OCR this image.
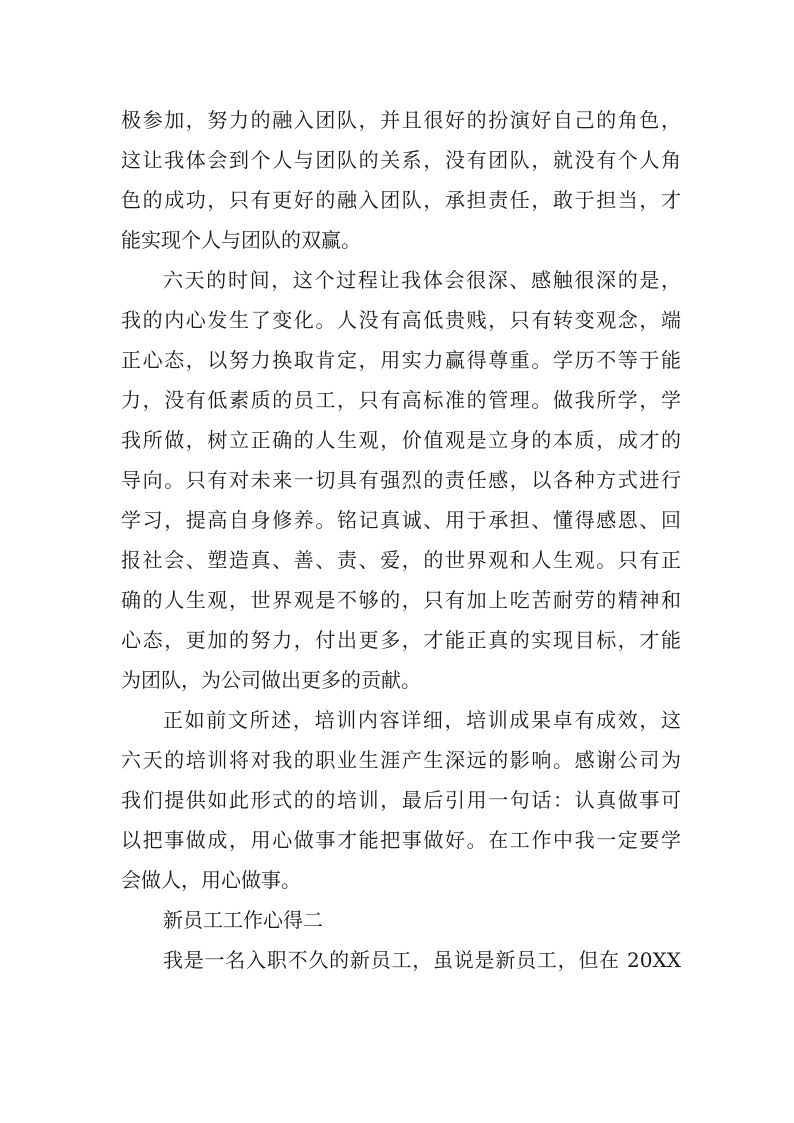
极参加，努力的融入团队，并且很好的扮演好自己的角色，
这让我体会到个人与团队的关系，没有团队，就没有个人角
色的成功，只有更好的融入团队，承担责任，敢于担当，才
能实现个人与团队的双赢。
六天的时间，这个过程让我体会很深、感触很深的是，
我的内心发生了变化。人没有高低贵贱，只有转变观念，端
正心态，以努力换取肯定，用实力赢得尊重。学历不等于能
力，没有低素质的员工，只有高标准的管理。做我所学，学
我所做，树立正确的人生观，价值观是立身的本质，成才的
导向。只有对未来一切具有强烈的责任感，以各种方式进行
学习，提高自身修养。铭记真诚、用于承担、懂得感恩、回
报社会、塑造真、善、责、爱，的世界观和人生观。只有正
确的人生观，世界观是不够的，只有加上吃苦耐劳的精神和
心态，更加的努力，付出更多，才能正真的实现目标，才能
为团队，为公司做出更多的贡献。
正如前文所述，培训内容详细，培训成果卓有成效，这
六天的培训将对我的职业生涯产生深远的影响。感谢公司为
我们提供如此形式的的培训，最后引用一句话：认真做事可
以把事做成，用心做事才能把事做好。在工作中我一定要学
会做人，用心做事。
新员工工作心得二
我是一名入职不久的新员工，虽说是新员工，但在 20XX
